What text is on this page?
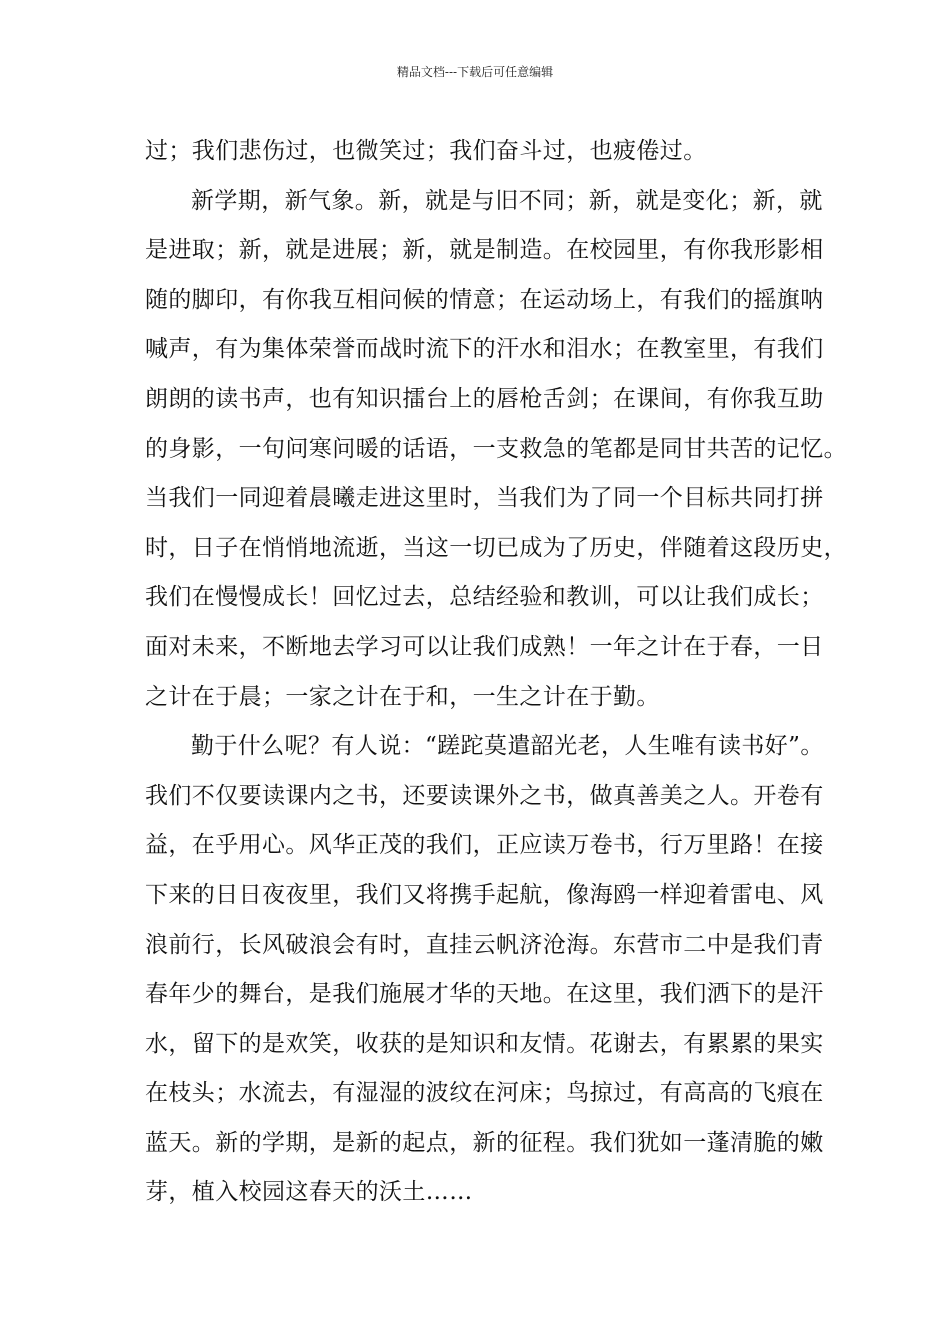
精品文档---下载后可任意编辑
过；我们悲伤过，也微笑过；我们奋斗过，也疲倦过。
新学期，新气象。新，就是与旧不同；新，就是变化；新，就
是进取；新，就是进展；新，就是制造。在校园里，有你我形影相
随的脚印，有你我互相问候的情意；在运动场上，有我们的摇旗呐
喊声，有为集体荣誉而战时流下的汗水和泪水；在教室里，有我们
朗朗的读书声，也有知识擂台上的唇枪舌剑；在课间，有你我互助
的身影，一句问寒问暖的话语，一支救急的笔都是同甘共苦的记忆。
当我们一同迎着晨曦走进这里时，当我们为了同一个目标共同打拼
时，日子在悄悄地流逝，当这一切已成为了历史，伴随着这段历史，
我们在慢慢成长！回忆过去，总结经验和教训，可以让我们成长；
面对未来，不断地去学习可以让我们成熟！一年之计在于春，一日
之计在于晨；一家之计在于和，一生之计在于勤。
勤于什么呢？有人说：“蹉跎莫遣韶光老，人生唯有读书好”。
我们不仅要读课内之书，还要读课外之书，做真善美之人。开卷有
益，在乎用心。风华正茂的我们，正应读万卷书，行万里路！在接
下来的日日夜夜里，我们又将携手起航，像海鸥一样迎着雷电、风
浪前行，长风破浪会有时，直挂云帆济沧海。东营市二中是我们青
春年少的舞台，是我们施展才华的天地。在这里，我们洒下的是汗
水，留下的是欢笑，收获的是知识和友情。花谢去，有累累的果实
在枝头；水流去，有湿湿的波纹在河床；鸟掠过，有高高的飞痕在
蓝天。新的学期，是新的起点，新的征程。我们犹如一蓬清脆的嫩
芽，植入校园这春天的沃土……
